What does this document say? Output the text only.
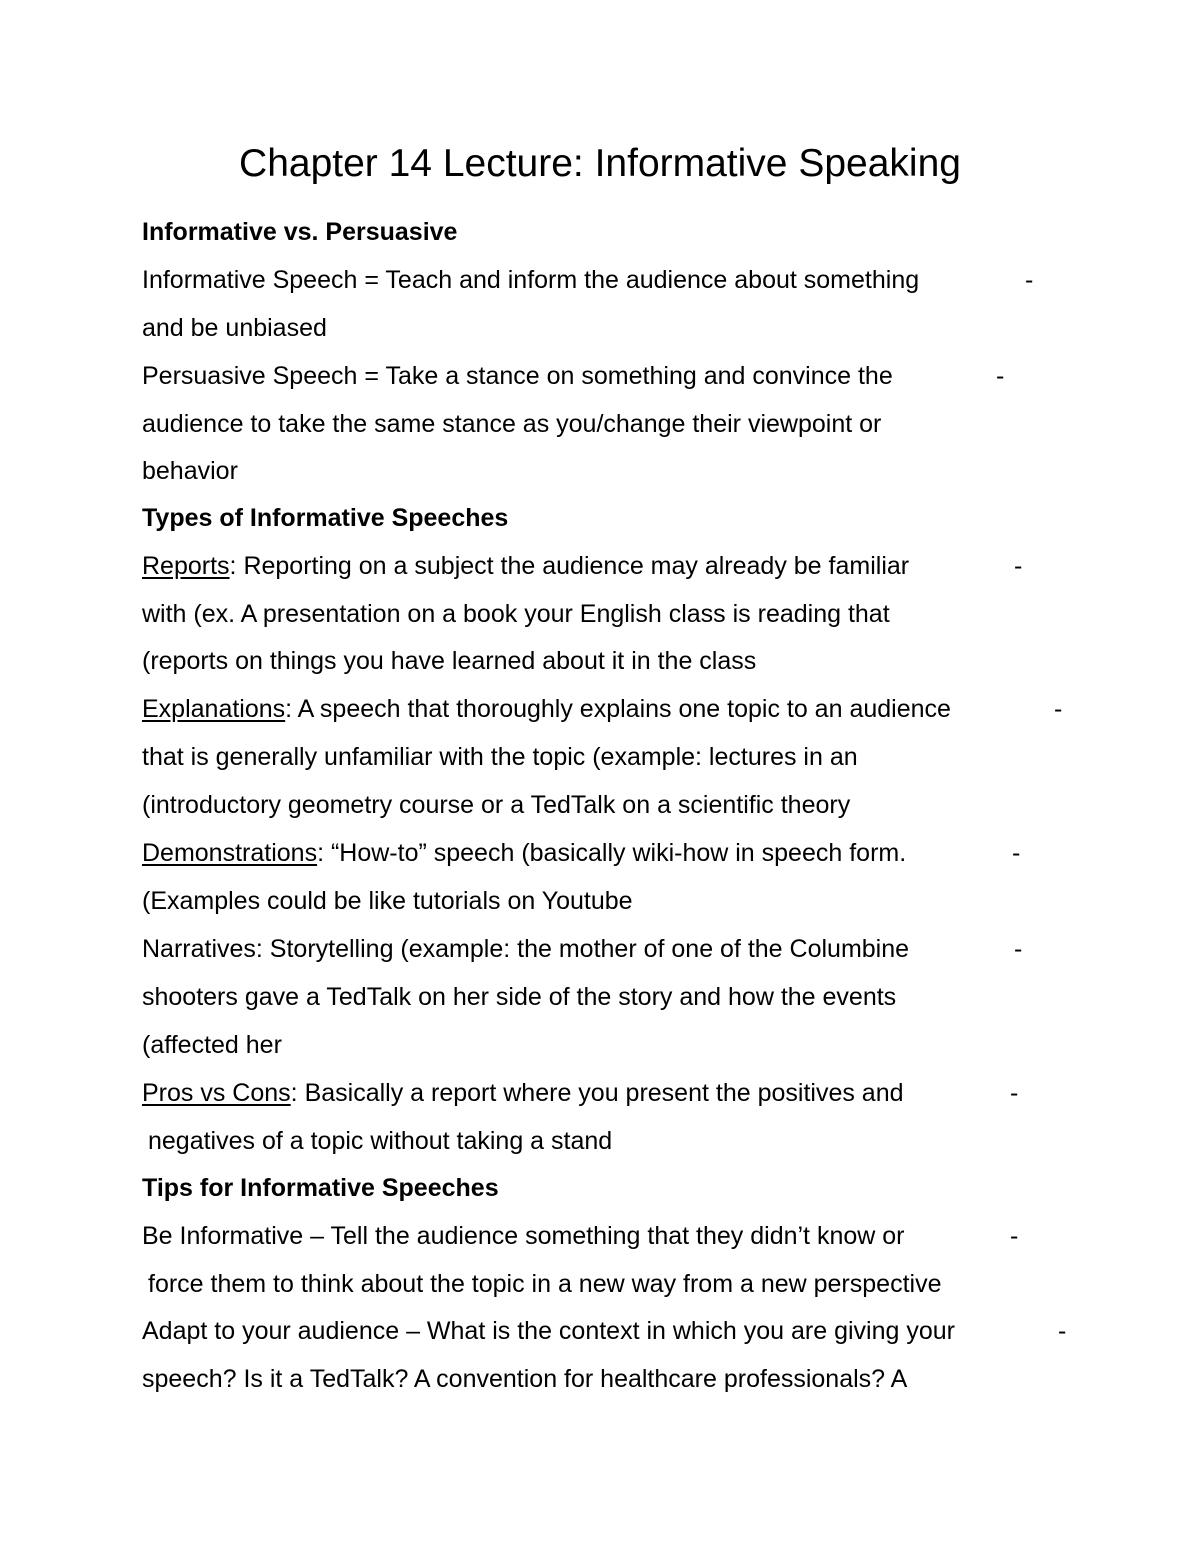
Chapter 14 Lecture: Informative Speaking
Informative vs. Persuasive
Informative Speech = Teach and inform the audience about something	-
and be unbiased
Persuasive Speech = Take a stance on something and convince the	-
audience to take the same stance as you/change their viewpoint or
behavior
Types of Informative Speeches
Reports: Reporting on a subject the audience may already be familiar	-
with (ex. A presentation on a book your English class is reading that
(reports on things you have learned about it in the class
Explanations: A speech that thoroughly explains one topic to an audience	-
that is generally unfamiliar with the topic (example: lectures in an
(introductory geometry course or a TedTalk on a scientific theory
Demonstrations: “How-to” speech (basically wiki-how in speech form.	-
(Examples could be like tutorials on Youtube
Narratives: Storytelling (example: the mother of one of the Columbine	-
shooters gave a TedTalk on her side of the story and how the events
(affected her
Pros vs Cons: Basically a report where you present the positives and	-
negatives of a topic without taking a stand
Tips for Informative Speeches
Be Informative – Tell the audience something that they didn’t know or	-
force them to think about the topic in a new way from a new perspective
Adapt to your audience – What is the context in which you are giving your	-
speech? Is it a TedTalk? A convention for healthcare professionals? A
